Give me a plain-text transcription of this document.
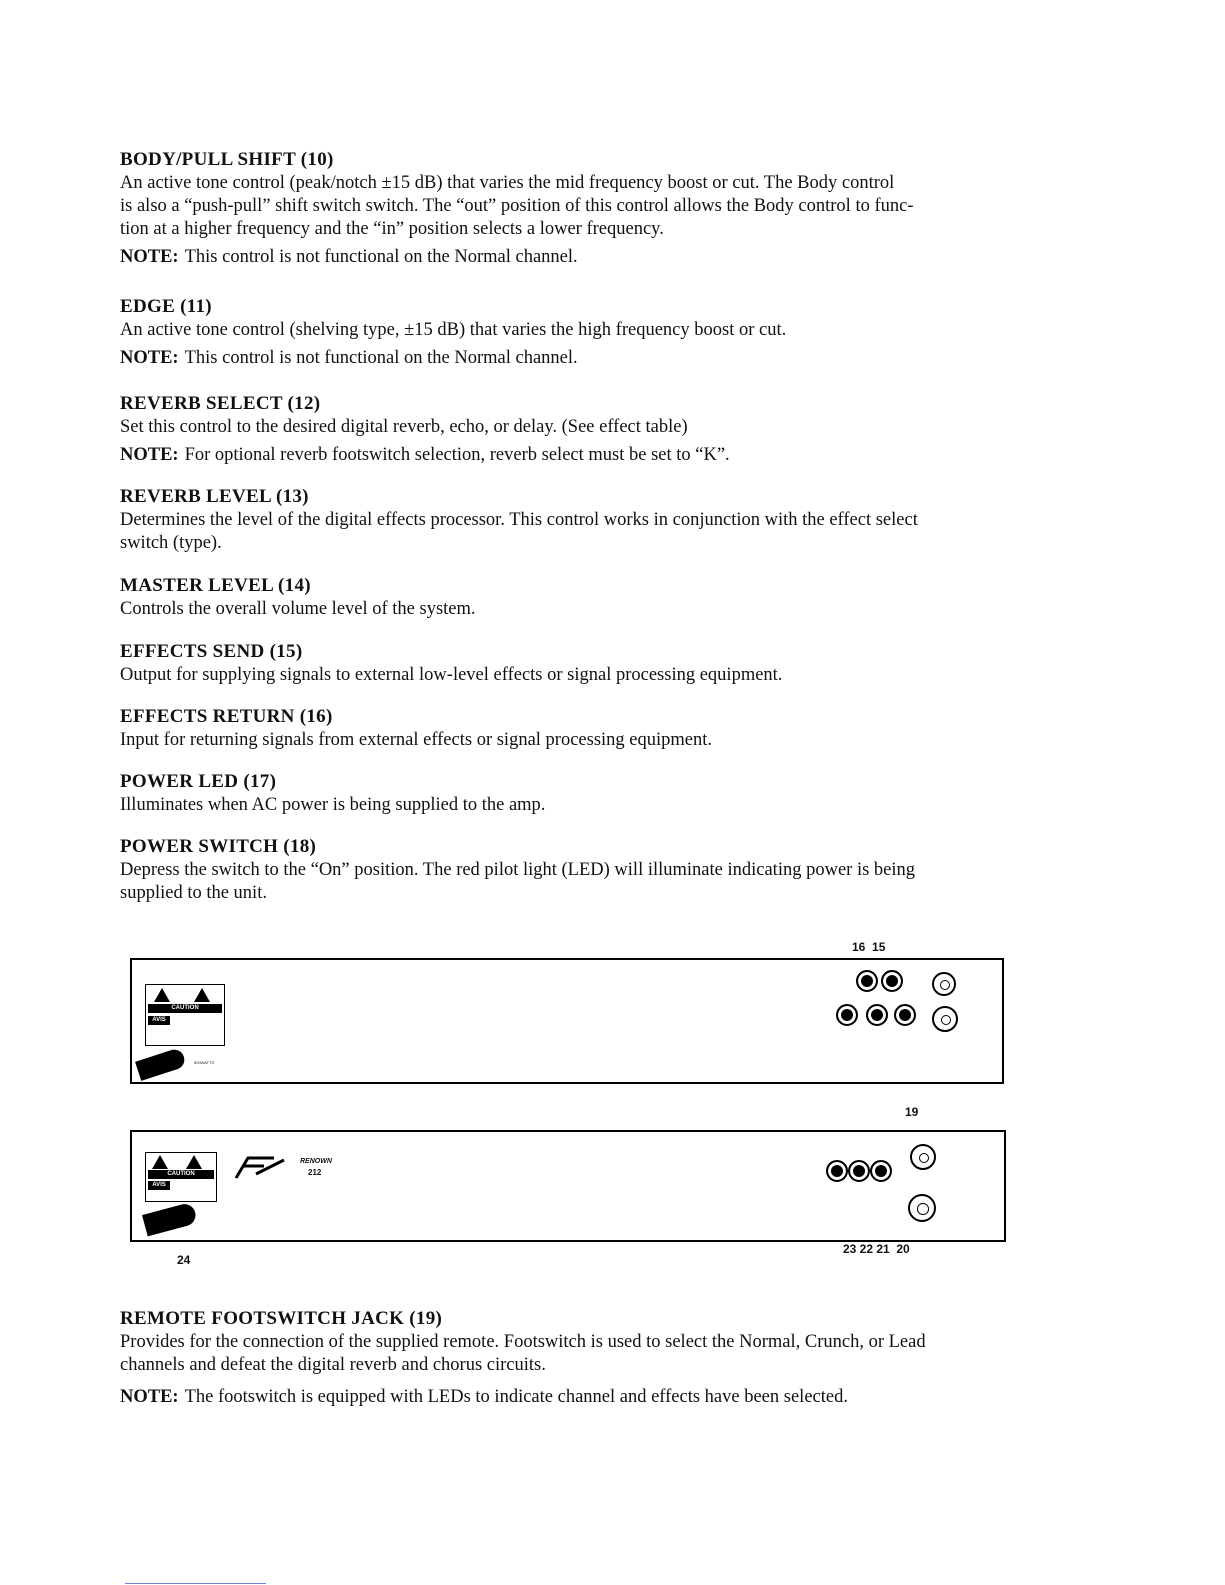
BODY/PULL SHIFT (10)

An active tone control (peak/notch ±15 dB) that varies the mid frequency boost or cut. The Body control

is also a “push-pull” shift switch switch. The “out” position of this control allows the Body control to func-

tion at a higher frequency and the “in” position selects a lower frequency.

NOTE: This control is not functional on the Normal channel.

EDGE (11)

An active tone control (shelving type, ±15 dB) that varies the high frequency boost or cut.

NOTE: This control is not functional on the Normal channel.

REVERB SELECT (12)

Set this control to the desired digital reverb, echo, or delay. (See effect table)

NOTE: For optional reverb footswitch selection, reverb select must be set to “K”.

REVERB LEVEL (13)

Determines the level of the digital effects processor. This control works in conjunction with the effect select

switch (type).

MASTER LEVEL (14)

Controls the overall volume level of the system.

EFFECTS SEND (15)

Output for supplying signals to external low-level effects or signal processing equipment.

EFFECTS RETURN (16)

Input for returning signals from external effects or signal processing equipment.

POWER LED (17)

Illuminates when AC power is being supplied to the amp.

POWER SWITCH (18)

Depress the switch to the “On” position. The red pilot light (LED) will illuminate indicating power is being

supplied to the unit.

16  15
CAUTION
AVIS
500WATTS
19
CAUTION
AVIS
RENOWN
212
23 22 21  20
24

REMOTE FOOTSWITCH JACK (19)

Provides for the connection of the supplied remote. Footswitch is used to select the Normal, Crunch, or Lead

channels and defeat the digital reverb and chorus circuits.

NOTE: The footswitch is equipped with LEDs to indicate channel and effects have been selected.
